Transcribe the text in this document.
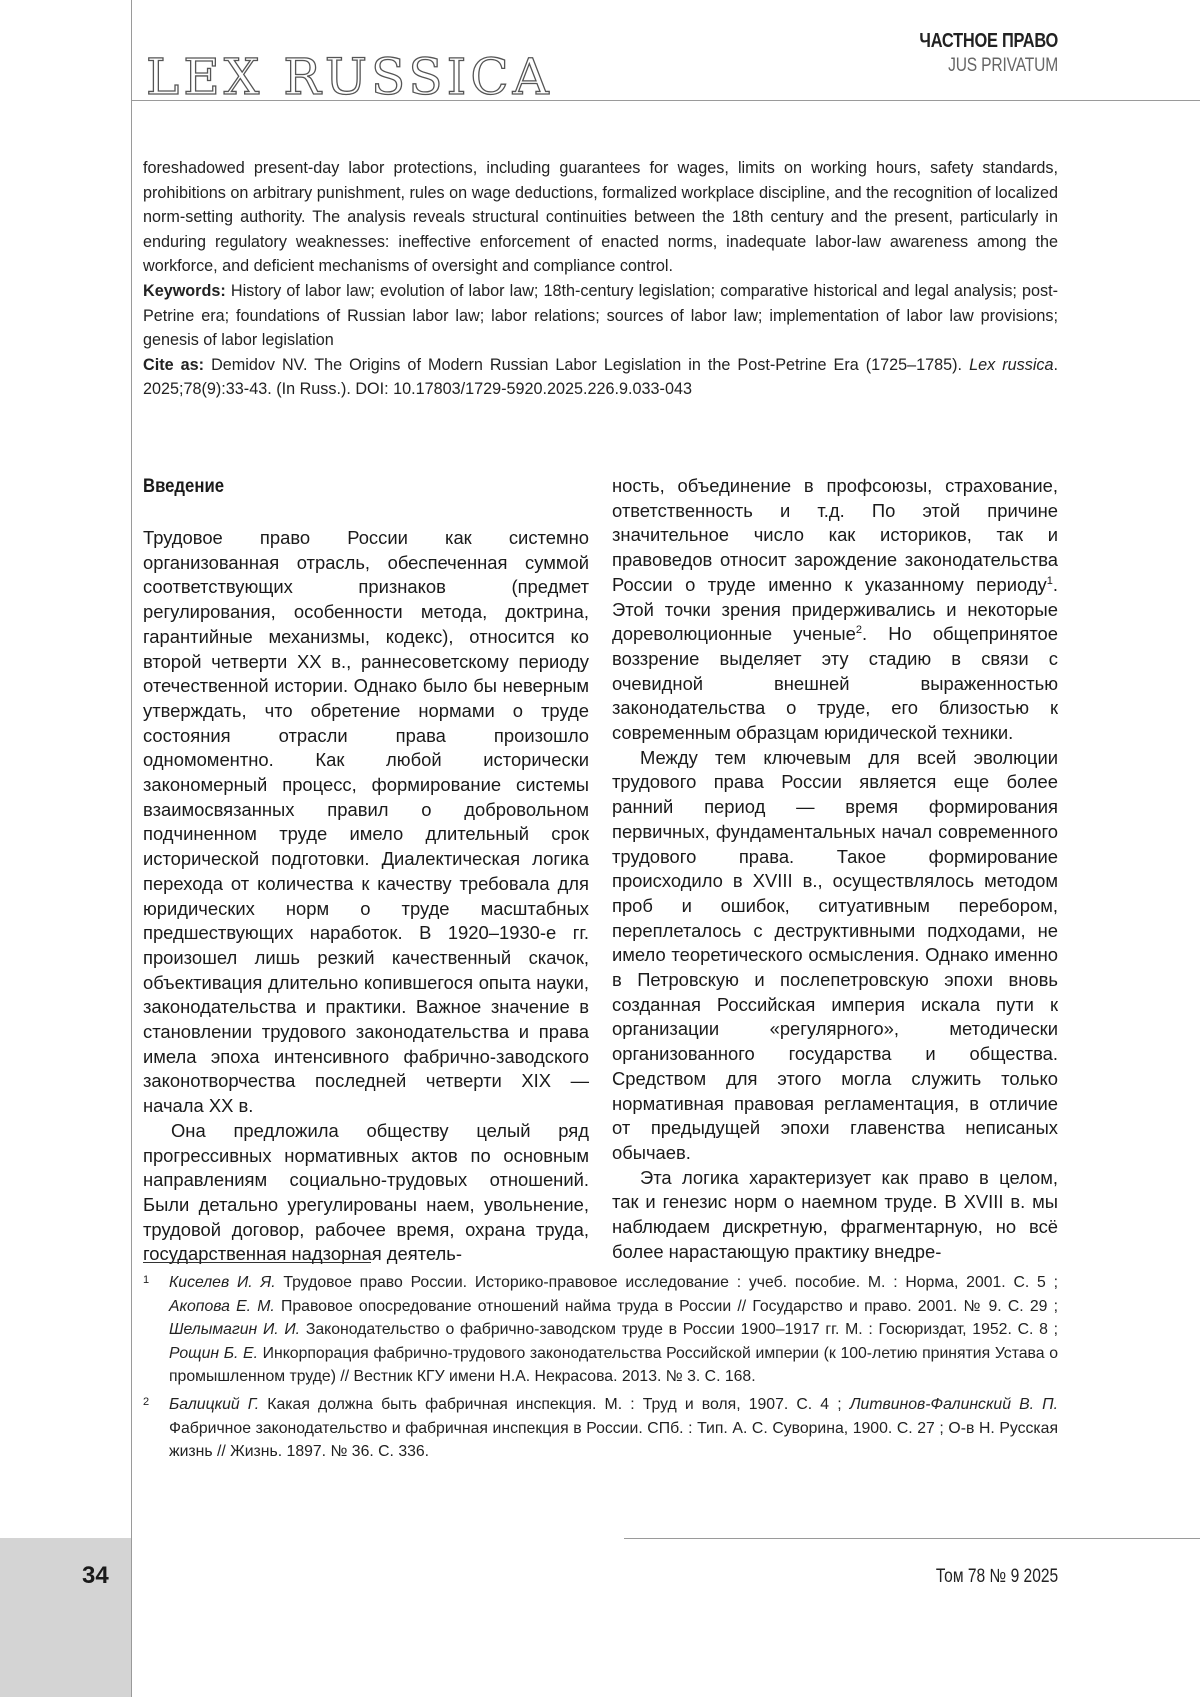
LEX RUSSICA
ЧАСТНОЕ ПРАВО
JUS PRIVATUM

foreshadowed present-day labor protections, including guarantees for wages, limits on working hours, safety standards, prohibitions on arbitrary punishment, rules on wage deductions, formalized workplace discipline, and the recognition of localized norm-setting authority. The analysis reveals structural continuities between the 18th century and the present, particularly in enduring regulatory weaknesses: ineffective enforcement of enacted norms, inadequate labor-law awareness among the workforce, and deficient mechanisms of oversight and compliance control.

Keywords: History of labor law; evolution of labor law; 18th-century legislation; comparative historical and legal analysis; post-Petrine era; foundations of Russian labor law; labor relations; sources of labor law; implementation of labor law provisions; genesis of labor legislation

Cite as: Demidov NV. The Origins of Modern Russian Labor Legislation in the Post-Petrine Era (1725–1785). Lex russica. 2025;78(9):33-43. (In Russ.). DOI: 10.17803/1729-5920.2025.226.9.033-043

Введение

Трудовое право России как системно организованная отрасль, обеспеченная суммой соответствующих признаков (предмет регулирования, особенности метода, доктрина, гарантийные механизмы, кодекс), относится ко второй четверти XX в., раннесоветскому периоду отечественной истории. Однако было бы неверным утверждать, что обретение нормами о труде состояния отрасли права произошло одномоментно. Как любой исторически закономерный процесс, формирование системы взаимосвязанных правил о добровольном подчиненном труде имело длительный срок исторической подготовки. Диалектическая логика перехода от количества к качеству требовала для юридических норм о труде масштабных предшествующих наработок. В 1920–1930-е гг. произошел лишь резкий качественный скачок, объективация длительно копившегося опыта науки, законодательства и практики. Важное значение в становлении трудового законодательства и права имела эпоха интенсивного фабрично-заводского законотворчества последней четверти XIX — начала XX в.

Она предложила обществу целый ряд прогрессивных нормативных актов по основным направлениям социально-трудовых отношений. Были детально урегулированы наем, увольнение, трудовой договор, рабочее время, охрана труда, государственная надзорная деятель-

ность, объединение в профсоюзы, страхование, ответственность и т.д. По этой причине значительное число как историков, так и правоведов относит зарождение законодательства России о труде именно к указанному периоду$^1$. Этой точки зрения придерживались и некоторые дореволюционные ученые$^2$. Но общепринятое воззрение выделяет эту стадию в связи с очевидной внешней выраженностью законодательства о труде, его близостью к современным образцам юридической техники.

Между тем ключевым для всей эволюции трудового права России является еще более ранний период — время формирования первичных, фундаментальных начал современного трудового права. Такое формирование происходило в XVIII в., осуществлялось методом проб и ошибок, ситуативным перебором, переплеталось с деструктивными подходами, не имело теоретического осмысления. Однако именно в Петровскую и послепетровскую эпохи вновь созданная Российская империя искала пути к организации «регулярного», методически организованного государства и общества. Средством для этого могла служить только нормативная правовая регламентация, в отличие от предыдущей эпохи главенства неписаных обычаев.

Эта логика характеризует как право в целом, так и генезис норм о наемном труде. В XVIII в. мы наблюдаем дискретную, фрагментарную, но всё более нарастающую практику внедре-

1	Киселев И. Я. Трудовое право России. Историко-правовое исследование : учеб. пособие. М. : Норма, 2001. С. 5 ; Акопова Е. М. Правовое опосредование отношений найма труда в России // Государство и право. 2001. № 9. С. 29 ; Шелымагин И. И. Законодательство о фабрично-заводском труде в России 1900–1917 гг. М. : Госюриздат, 1952. С. 8 ; Рощин Б. Е. Инкорпорация фабрично-трудового законодательства Российской империи (к 100-летию принятия Устава о промышленном труде) // Вестник КГУ имени Н.А. Некрасова. 2013. № 3. С. 168.
2	Балицкий Г. Какая должна быть фабричная инспекция. М. : Труд и воля, 1907. С. 4 ; Литвинов-Фалинский В. П. Фабричное законодательство и фабричная инспекция в России. СПб. : Тип. А. С. Суворина, 1900. С. 27 ; О-в Н. Русская жизнь // Жизнь. 1897. № 36. С. 336.
34	Том 78 № 9 2025
